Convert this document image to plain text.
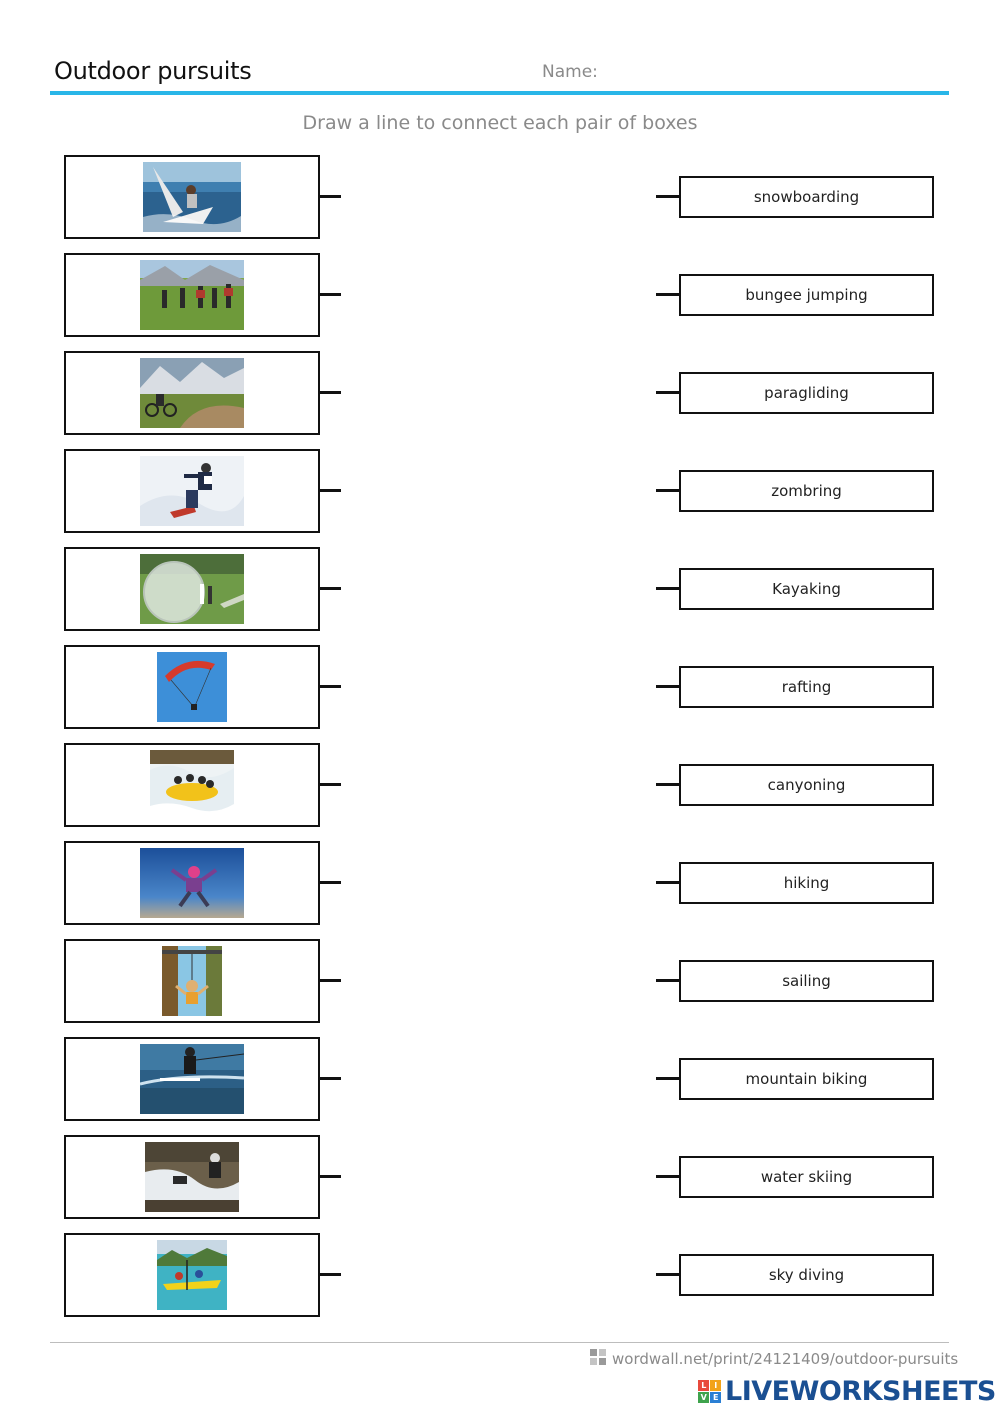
Outdoor pursuits	Name:
Draw a line to connect each pair of boxes
snowboarding
bungee jumping
paragliding
zombring
Kayaking
rafting
canyoning
hiking
sailing
mountain biking
water skiing
sky diving
wordwall.net/print/24121409/outdoor-pursuits
L	I
V E LIVEWORKSHEETS
